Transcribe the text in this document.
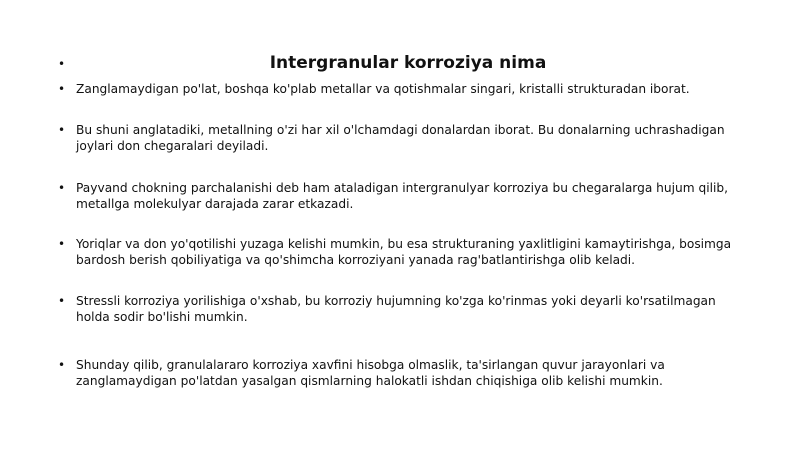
•	Intergranular korroziya nima
• Zanglamaydigan po'lat, boshqa ko'plab metallar va qotishmalar singari, kristalli strukturadan iborat.
• Bu shuni anglatadiki, metallning o'zi har xil o'lchamdagi donalardan iborat. Bu donalarning uchrashadigan joylari don chegaralari deyiladi.
• Payvand chokning parchalanishi deb ham ataladigan intergranulyar korroziya bu chegaralarga hujum qilib, metallga molekulyar darajada zarar etkazadi.
• Yoriqlar va don yo'qotilishi yuzaga kelishi mumkin, bu esa strukturaning yaxlitligini kamaytirishga, bosimga bardosh berish qobiliyatiga va qo'shimcha korroziyani yanada rag'batlantirishga olib keladi.
• Stressli korroziya yorilishiga o'xshab, bu korroziy hujumning ko'zga ko'rinmas yoki deyarli ko'rsatilmagan holda sodir bo'lishi mumkin.
• Shunday qilib, granulalararo korroziya xavfini hisobga olmaslik, ta'sirlangan quvur jarayonlari va zanglamaydigan po'latdan yasalgan qismlarning halokatli ishdan chiqishiga olib kelishi mumkin.
